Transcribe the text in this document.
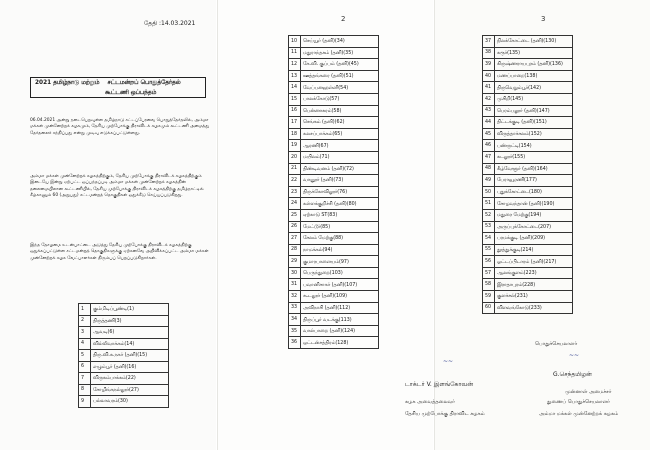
தேதி :14.03.2021
2021 தமிழ்நாடு மற்றும் சட்டமன்றப் பொதுத்தேர்தல்
கூட்டணி ஒப்பந்தம்
06.04.2021 அன்று நடைபெறவுள்ள தமிழ்நாடு சட்டப்பேரவை பொதுத்தேர்தலில், அம்மா மக்கள் முன்னேற்றக் கழகமும், தேசிய முற்போக்கு திராவிடக் கழகமும் கூட்டணி அமைத்து தேர்தலைச் சந்திப்பது என்று முடிவு எடுக்கப்பட்டுள்ளது.
அம்மா மக்கள் முன்னேற்றக் கழகத்திற்கும், தேசிய முற்போக்கு திராவிடக் கழகத்திற்கும் இடையே இன்று ஏற்பட்ட ஒப்பந்தப்படி அம்மா மக்கள் முன்னேற்றக் கழகத்தின் தலைமையிலான கூட்டணியில், தேசிய முற்போக்கு திராவிடக் கழகத்திற்கு தமிழ்நாட்டில் கீழ்காணும் 60 (அறுபது) சட்டமன்றத் தொகுதிகள் ஒதுக்கீடு செய்யப்படுகிறது.
இந்த தோழமை உடன்பாட்டை அடுத்து தேசிய முற்போக்கு திராவிடக் கழகத்திற்கு ஒதுக்கப்பட்டுள்ள சட்டமன்றத் தொகுதிகளுக்கு ஏற்கனவே அறிவிக்கப்பட்ட அம்மா மக்கள் முன்னேற்றக் கழக வேட்பாளர்கள் திரும்பப் பெறப்படுகிறார்கள்.
1	கும்மிடிப்பூண்டி(1)
2	திருத்தணி(3)
3	ஆவடி(6)
4	வில்லிவாக்கம்(14)
5	திரு.வி.க.நகர் (தனி)(15)
6	எழும்பூர் (தனி)(16)
7	விருகம்பாக்கம்(22)
8	சோழிங்கநல்லூர்(27)
9	பல்லாவரம்(30)
2
10	செய்யூர் (தனி)(34)
11	மதுராந்தகம் (தனி)(35)
12	கே.வி. குப்பம் (தனி)(45)
13	ஊத்தங்கரை (தனி)(51)
14	வேப்பனஹள்ளி(54)
15	பாலக்கோடு(57)
16	பென்னாகரம்(58)
17	செங்கம் (தனி)(62)
18	கலசப்பாக்கம்(65)
19	ஆரணி(67)
20	மயிலம்(71)
21	திண்டிவனம் (தனி)(72)
22	வானூர் (தனி)(73)
23	திருக்கோவிலூர்(76)
24	கள்ளக்குறிச்சி (தனி)(80)
25	ஏற்காடு ST(83)
26	மேட்டூர்(85)
27	சேலம் மேற்கு(88)
28	நாமக்கல்(94)
29	குமாரபாளையம்(97)
30	பெருந்துறை(103)
31	பவானிசாகர் (தனி)(107)
32	கூடலூர் (தனி)(109)
33	அவிநாசி (தனி)(112)
34	திருப்பூர் வடக்கு(113)
35	வால்பாறை (தனி)(124)
36	ஒட்டன்சத்திரம்(128)
3
37	நிலக்கோட்டை (தனி)(130)
38	கரூர்(135)
39	கிருஷ்ணராயபுரம் (தனி)(136)
40	மணப்பாறை(138)
41	திருவெறும்பூர்(142)
42	முசிறி(145)
43	பெரம்பலூர் (தனி)(147)
44	திட்டக்குடி (தனி)(151)
45	விருத்தாச்சலம்(152)
46	பண்ருட்டி(154)
47	கடலூர்(155)
48	கீழ்வேளூர் (தனி)(164)
49	பேராவூரணி(177)
50	புதுக்கோட்டை(180)
51	சோழவந்தான் (தனி)(190)
52	மதுரை மேற்கு(194)
53	அருப்புக்கோட்டை(207)
54	பரமக்குடி (தனி)(209)
55	தூத்துக்குடி(214)
56	ஓட்டப்பிடாரம் (தனி)(217)
57	ஆலங்குளம்(223)
58	இராதாபுரம்(228)
59	குளச்சல்(231)
60	விளவங்கோடு(233)
பொதுச்செயலாளர்
~~
~~
டாக்டர் V. இளங்கோவன்
கழக அவைத்தலைவர்
தேசிய முற்போக்கு திராவிட கழகம்
G.செந்தமிழன்
முன்னாள் அமைச்சர்
துணைப் பொதுச்செயலாளர்
அம்மா மக்கள் முன்னேற்றக் கழகம்
